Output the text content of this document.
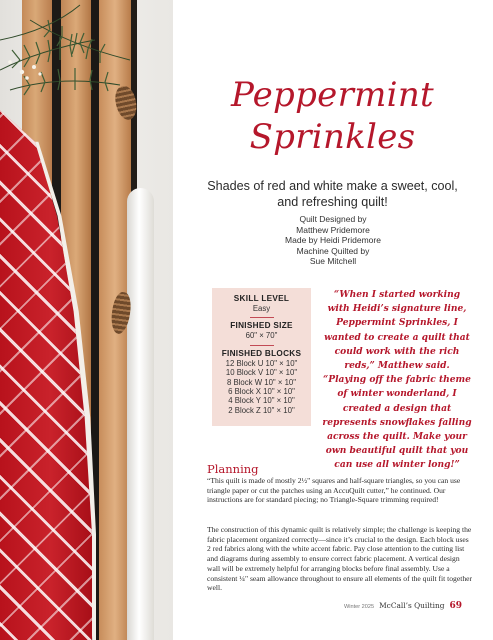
Peppermint
Sprinkles
Shades of red and white make a sweet, cool, and refreshing quilt!
Quilt Designed by
Matthew Pridemore
Made by Heidi Pridemore
Machine Quilted by
Sue Mitchell
SKILL LEVEL
Easy
FINISHED SIZE
60" × 70"
FINISHED BLOCKS
12 Block U 10" × 10"
10 Block V 10" × 10"
8 Block W 10" × 10"
6 Block X 10" × 10"
4 Block Y 10" × 10"
2 Block Z 10" × 10"
“When I started working with Heidi’s signature line, Peppermint Sprinkles, I wanted to create a quilt that could work with the rich reds,” Matthew said. “Playing off the fabric theme of winter wonderland, I created a design that represents snowflakes falling across the quilt. Make your own beautiful quilt that you can use all winter long!”
Planning

“This quilt is made of mostly 2½" squares and half-square triangles, so you can use triangle paper or cut the patches using an AccuQuilt cutter,” he continued. Our instructions are for standard piecing; no Triangle-Square trimming required!

The construction of this dynamic quilt is relatively simple; the challenge is keeping the fabric placement organized correctly—since it’s crucial to the design. Each block uses 2 red fabrics along with the white accent fabric. Pay close attention to the cutting list and diagrams during assembly to ensure correct fabric placement. A vertical design wall will be extremely helpful for arranging blocks before final assembly. Use a consistent ¼" seam allowance throughout to ensure all elements of the quilt fit together well.

Winter 2025 McCall’s Quilting 69
